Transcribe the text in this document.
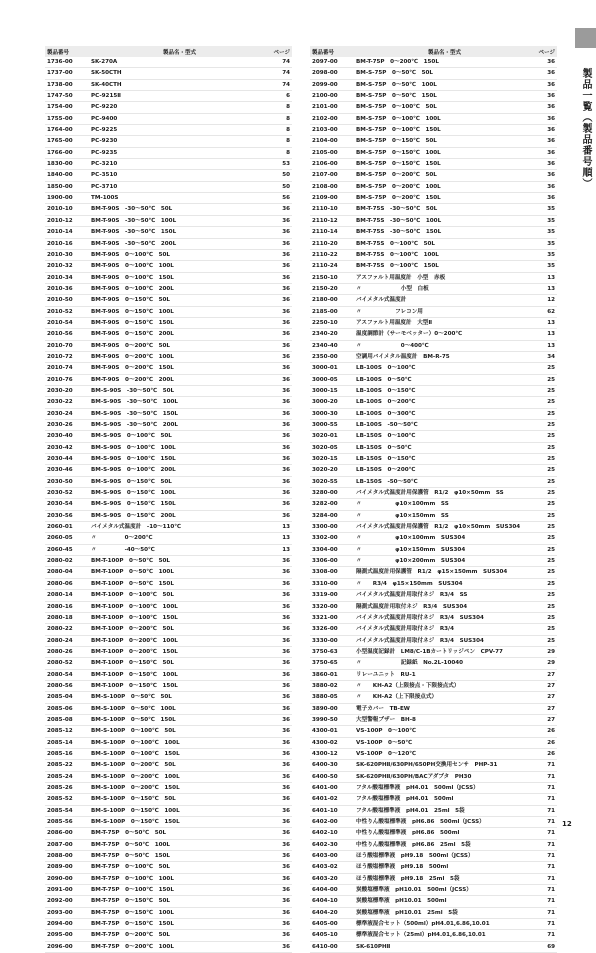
製品一覧（製品番号順）
製品番号	製品名・型式	ページ
1736-00	SK-270A	74
1737-00	SK-50CTH	74
1738-00	SK-40CTH	74
1747-50	PC-9215Ⅱ	6
1754-00	PC-9220	8
1755-00	PC-9400	8
1764-00	PC-9225	8
1765-00	PC-9230	8
1766-00	PC-9235	8
1830-00	PC-3210	53
1840-00	PC-3510	50
1850-00	PC-3710	50
1900-00	TM-100S	56
2010-10	BM-T-90S　-30～50℃　50L	36
2010-12	BM-T-90S　-30～50℃　100L	36
2010-14	BM-T-90S　-30～50℃　150L	36
2010-16	BM-T-90S　-30～50℃　200L	36
2010-30	BM-T-90S　0～100℃　50L	36
2010-32	BM-T-90S　0～100℃　100L	36
2010-34	BM-T-90S　0～100℃　150L	36
2010-36	BM-T-90S　0～100℃　200L	36
2010-50	BM-T-90S　0～150℃　50L	36
2010-52	BM-T-90S　0～150℃　100L	36
2010-54	BM-T-90S　0～150℃　150L	36
2010-56	BM-T-90S　0～150℃　200L	36
2010-70	BM-T-90S　0～200℃　50L	36
2010-72	BM-T-90S　0～200℃　100L	36
2010-74	BM-T-90S　0～200℃　150L	36
2010-76	BM-T-90S　0～200℃　200L	36
2030-20	BM-S-90S　-30～50℃　50L	36
2030-22	BM-S-90S　-30～50℃　100L	36
2030-24	BM-S-90S　-30～50℃　150L	36
2030-26	BM-S-90S　-30～50℃　200L	36
2030-40	BM-S-90S　0～100℃　50L	36
2030-42	BM-S-90S　0～100℃　100L	36
2030-44	BM-S-90S　0～100℃　150L	36
2030-46	BM-S-90S　0～100℃　200L	36
2030-50	BM-S-90S　0～150℃　50L	36
2030-52	BM-S-90S　0～150℃　100L	36
2030-54	BM-S-90S　0～150℃　150L	36
2030-56	BM-S-90S　0～150℃　200L	36
2060-01	バイメタル式温度計　-10～110℃	13
2060-05	〃　　　　　0～200℃	13
2060-45	〃　　　　　-40～50℃	13
2080-02	BM-T-100P　0～50℃　50L	36
2080-04	BM-T-100P　0～50℃　100L	36
2080-06	BM-T-100P　0～50℃　150L	36
2080-14	BM-T-100P　0～100℃　50L	36
2080-16	BM-T-100P　0～100℃　100L	36
2080-18	BM-T-100P　0～100℃　150L	36
2080-22	BM-T-100P　0～200℃　50L	36
2080-24	BM-T-100P　0～200℃　100L	36
2080-26	BM-T-100P　0～200℃　150L	36
2080-52	BM-T-100P　0～150℃　50L	36
2080-54	BM-T-100P　0～150℃　100L	36
2080-56	BM-T-100P　0～150℃　150L	36
2085-04	BM-S-100P　0～50℃　50L	36
2085-06	BM-S-100P　0～50℃　100L	36
2085-08	BM-S-100P　0～50℃　150L	36
2085-12	BM-S-100P　0～100℃　50L	36
2085-14	BM-S-100P　0～100℃　100L	36
2085-16	BM-S-100P　0～100℃　150L	36
2085-22	BM-S-100P　0～200℃　50L	36
2085-24	BM-S-100P　0～200℃　100L	36
2085-26	BM-S-100P　0～200℃　150L	36
2085-52	BM-S-100P　0～150℃　50L	36
2085-54	BM-S-100P　0～150℃　100L	36
2085-56	BM-S-100P　0～150℃　150L	36
2086-00	BM-T-75P　0～50℃　50L	36
2087-00	BM-T-75P　0～50℃　100L	36
2088-00	BM-T-75P　0～50℃　150L	36
2089-00	BM-T-75P　0～100℃　50L	36
2090-00	BM-T-75P　0～100℃　100L	36
2091-00	BM-T-75P　0～100℃　150L	36
2092-00	BM-T-75P　0～150℃　50L	36
2093-00	BM-T-75P　0～150℃　100L	36
2094-00	BM-T-75P　0～150℃　150L	36
2095-00	BM-T-75P　0～200℃　50L	36
2096-00	BM-T-75P　0～200℃　100L	36
製品番号	製品名・型式	ページ
2097-00	BM-T-75P　0～200℃　150L	36
2098-00	BM-S-75P　0～50℃　50L	36
2099-00	BM-S-75P　0～50℃　100L	36
2100-00	BM-S-75P　0～50℃　150L	36
2101-00	BM-S-75P　0～100℃　50L	36
2102-00	BM-S-75P　0～100℃　100L	36
2103-00	BM-S-75P　0～100℃　150L	36
2104-00	BM-S-75P　0～150℃　50L	36
2105-00	BM-S-75P　0～150℃　100L	36
2106-00	BM-S-75P　0～150℃　150L	36
2107-00	BM-S-75P　0～200℃　50L	36
2108-00	BM-S-75P　0～200℃　100L	36
2109-00	BM-S-75P　0～200℃　150L	36
2110-10	BM-T-75S　-30～50℃　50L	35
2110-12	BM-T-75S　-30～50℃　100L	35
2110-14	BM-T-75S　-30～50℃　150L	35
2110-20	BM-T-75S　0～100℃　50L	35
2110-22	BM-T-75S　0～100℃　100L	35
2110-24	BM-T-75S　0～100℃　150L	35
2150-10	アスファルト用温度計　小型　赤板	13
2150-20	〃　　　　　　　小型　白板	13
2180-00	バイメタル式温度計	12
2185-00	〃　　　　　　フレコン用	62
2250-10	アスファルト用温度計　大型Ⅱ	13
2340-20	温度調節計（サーモベッター）0～200℃	13
2340-40	〃　　　　　　　0～400℃	13
2350-00	空調用バイメタル温度計　BM-R-75	34
3000-01	LB-100S　0～100℃	25
3000-05	LB-100S　0～50℃	25
3000-15	LB-100S　0～150℃	25
3000-20	LB-100S　0～200℃	25
3000-30	LB-100S　0～300℃	25
3000-55	LB-100S　-50～50℃	25
3020-01	LB-150S　0～100℃	25
3020-05	LB-150S　0～50℃	25
3020-15	LB-150S　0～150℃	25
3020-20	LB-150S　0～200℃	25
3020-55	LB-150S　-50～50℃	25
3280-00	バイメタル式温度計用保護管　R1/2　φ10×50mm　SS	25
3282-00	〃　　　　　　φ10×100mm　SS	25
3284-00	〃　　　　　　φ10×150mm　SS	25
3300-00	バイメタル式温度計用保護管　R1/2　φ10×50mm　SUS304	25
3302-00	〃　　　　　　φ10×100mm　SUS304	25
3304-00	〃　　　　　　φ10×150mm　SUS304	25
3306-00	〃　　　　　　φ10×200mm　SUS304	25
3308-00	隔測式温度計用保護管　R1/2　φ15×150mm　SUS304	25
3310-00	〃　　R3/4　φ15×150mm　SUS304	25
3319-00	バイメタル式温度計用取付ネジ　R3/4　SS	25
3320-00	隔測式温度計用取付ネジ　R3/4　SUS304	25
3321-00	バイメタル式温度計用取付ネジ　R3/4　SUS304	25
3326-00	バイメタル式温度計用取付ネジ　R3/4	25
3330-00	バイメタル式温度計用取付ネジ　R3/4　SUS304	25
3750-63	小型温度記録計　LM8/C-1Bカートリッジペン　CPV-77	29
3750-65	〃　　　　　　　記録紙　No.2L-10040	29
3860-01	リレーユニット　RU-1	27
3880-02	〃　　KH-A2（上限接点・下限接点式）	27
3880-05	〃　　KH-A2（上下限接点式）	27
3890-00	電子カバー　TB-EW	27
3990-50	大型警報ブザー　BH-8	27
4300-01	VS-100P　0～100℃	26
4300-02	VS-100P　0～50℃	26
4300-12	VS-100P　0～120℃	26
6400-30	SK-620PHⅡ/630PH/650PH交換用センサ　PHP-31	71
6400-50	SK-620PHⅡ/630PH/BACアダプタ　PH30	71
6401-00	フタル酸塩標準液　pH4.01　500ml（JCSS）	71
6401-02	フタル酸塩標準液　pH4.01　500ml	71
6401-10	フタル酸塩標準液　pH4.01　25ml　5袋	71
6402-00	中性りん酸塩標準液　pH6.86　500ml（JCSS）	71
6402-10	中性りん酸塩標準液　pH6.86　500ml	71
6402-30	中性りん酸塩標準液　pH6.86　25ml　5袋	71
6403-00	ほう酸塩標準液　pH9.18　500ml（JCSS）	71
6403-02	ほう酸塩標準液　pH9.18　500ml	71
6403-20	ほう酸塩標準液　pH9.18　25ml　5袋	71
6404-00	炭酸塩標準液　pH10.01　500ml（JCSS）	71
6404-10	炭酸塩標準液　pH10.01　500ml	71
6404-20	炭酸塩標準液　pH10.01　25ml　5袋	71
6405-00	標準液混合セット（500ml）pH4.01,6.86,10.01	71
6405-10	標準液混合セット（25ml）pH4.01,6.86,10.01	71
6410-00	SK-610PHⅡ	69
12
